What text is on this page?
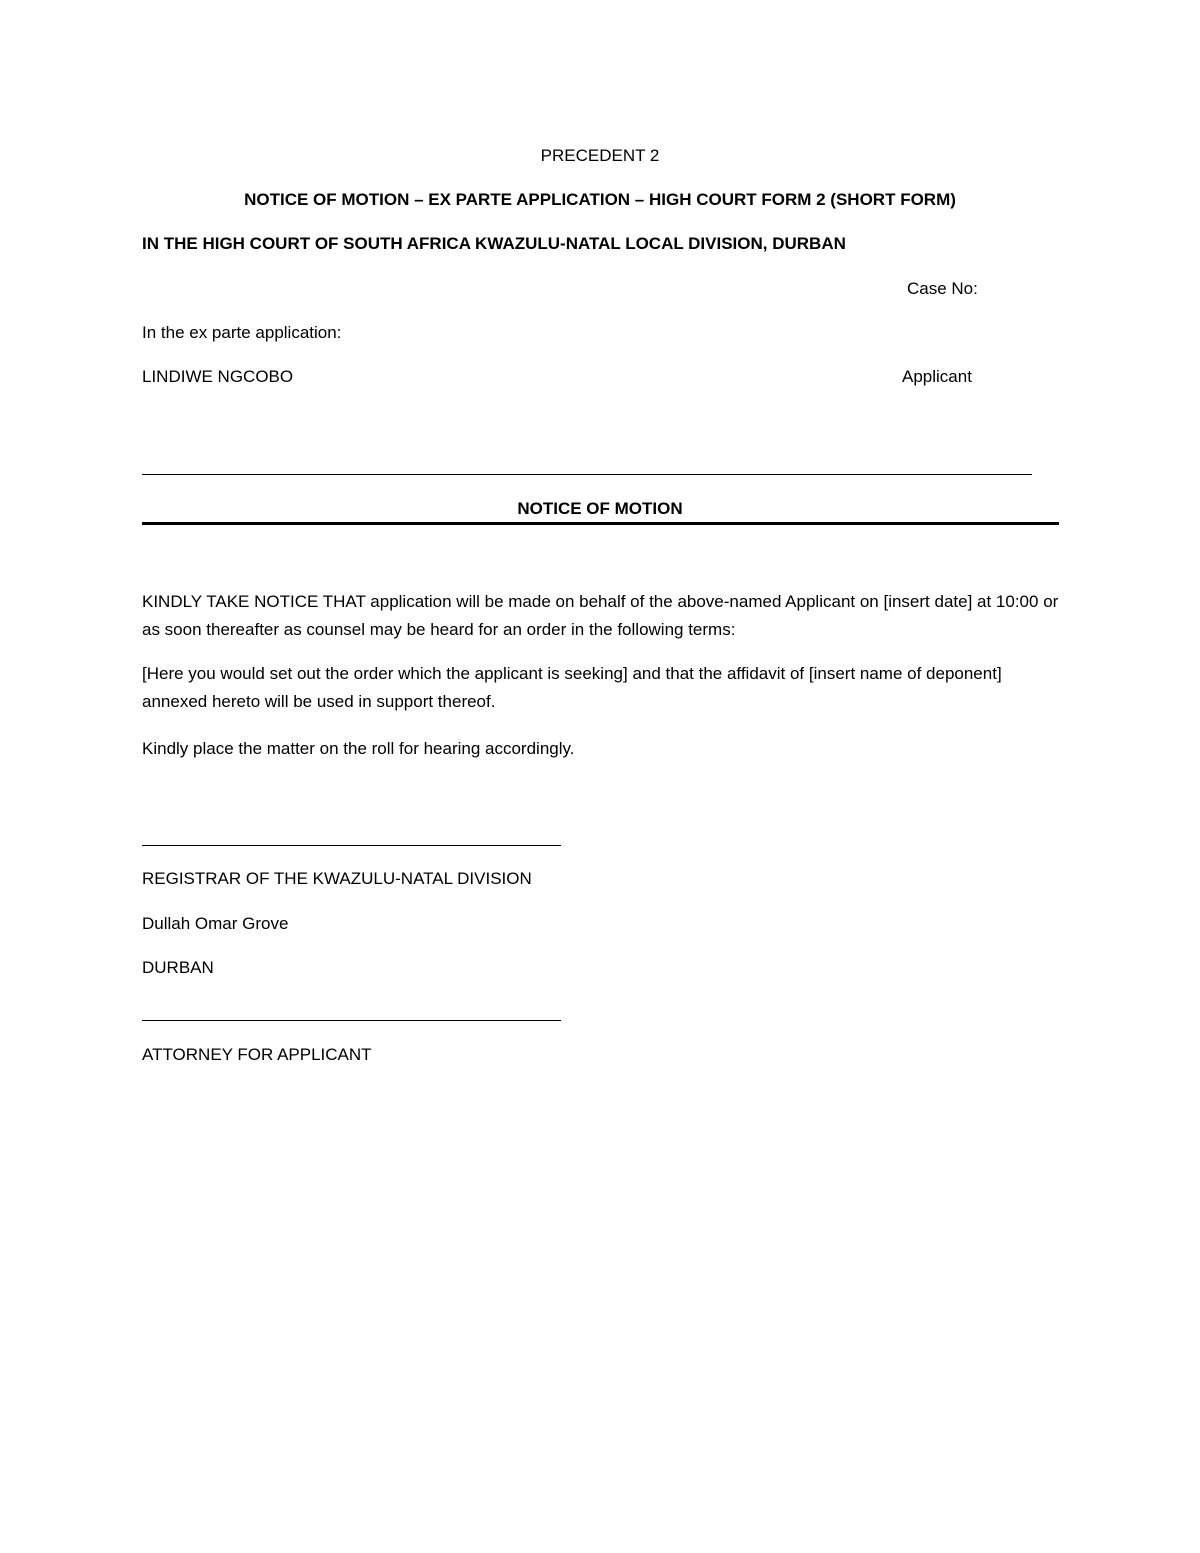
PRECEDENT 2
NOTICE OF MOTION – EX PARTE APPLICATION – HIGH COURT FORM 2 (SHORT FORM)
IN THE HIGH COURT OF SOUTH AFRICA KWAZULU-NATAL LOCAL DIVISION, DURBAN
Case No:
In the ex parte application:
LINDIWE NGCOBO	Applicant
NOTICE OF MOTION
KINDLY TAKE NOTICE THAT application will be made on behalf of the above-named Applicant on [insert date] at 10:00 or as soon thereafter as counsel may be heard for an order in the following terms:
[Here you would set out the order which the applicant is seeking] and that the affidavit of [insert name of deponent] annexed hereto will be used in support thereof.
Kindly place the matter on the roll for hearing accordingly.
REGISTRAR OF THE KWAZULU-NATAL DIVISION
Dullah Omar Grove
DURBAN
ATTORNEY FOR APPLICANT
